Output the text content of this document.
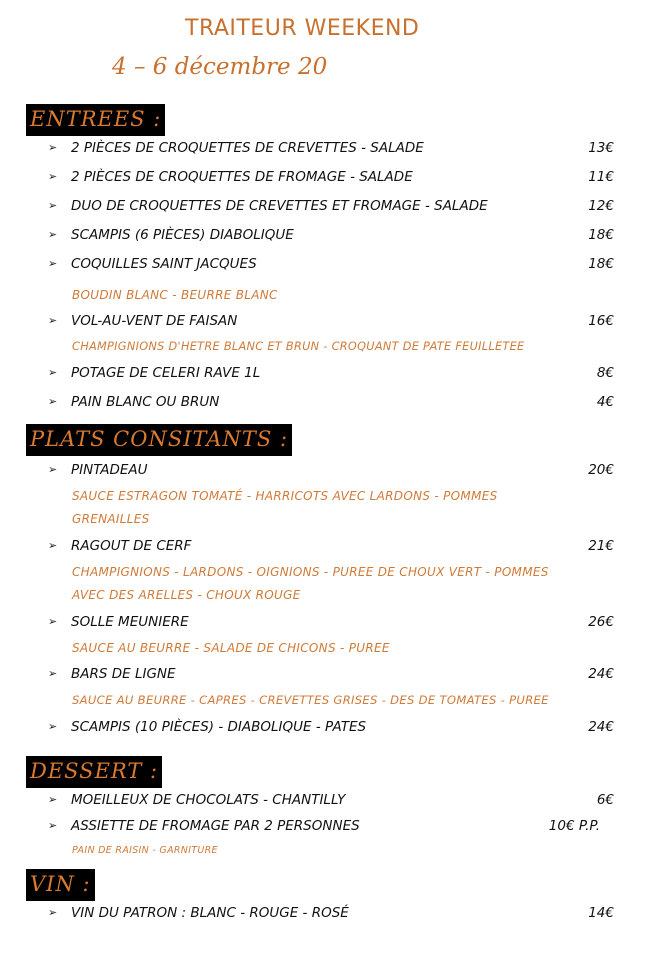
TRAITEUR WEEKEND
4 – 6 décembre 20
ENTREES :
➢ 2 PIÈCES DE CROQUETTES DE CREVETTES - SALADE	13€
➢ 2 PIÈCES DE CROQUETTES DE FROMAGE - SALADE	11€
➢ DUO DE CROQUETTES DE CREVETTES ET FROMAGE - SALADE	12€
➢ SCAMPIS (6 PIÈCES) DIABOLIQUE	18€
➢ COQUILLES SAINT JACQUES	18€
BOUDIN BLANC - BEURRE BLANC
➢ VOL-AU-VENT DE FAISAN	16€
CHAMPIGNIONS D'HETRE BLANC ET BRUN - CROQUANT DE PATE FEUILLETEE
➢ POTAGE DE CELERI RAVE 1L	8€
➢ PAIN BLANC OU BRUN	4€
PLATS CONSITANTS :
➢ PINTADEAU	20€
SAUCE ESTRAGON TOMATÉ - HARRICOTS AVEC LARDONS - POMMES
GRENAILLES
➢ RAGOUT DE CERF	21€
CHAMPIGNIONS - LARDONS - OIGNIONS - PUREE DE CHOUX VERT - POMMES
AVEC DES ARELLES - CHOUX ROUGE
➢ SOLLE MEUNIERE	26€
SAUCE AU BEURRE - SALADE DE CHICONS - PUREE
➢ BARS DE LIGNE	24€
SAUCE AU BEURRE - CAPRES - CREVETTES GRISES - DES DE TOMATES - PUREE
➢ SCAMPIS (10 PIÈCES) - DIABOLIQUE - PATES	24€
DESSERT :
➢ MOEILLEUX DE CHOCOLATS - CHANTILLY	6€
➢ ASSIETTE DE FROMAGE PAR 2 PERSONNES	10€ P.P.
PAIN DE RAISIN - GARNITURE
VIN :
➢ VIN DU PATRON : BLANC - ROUGE - ROSÉ	14€
